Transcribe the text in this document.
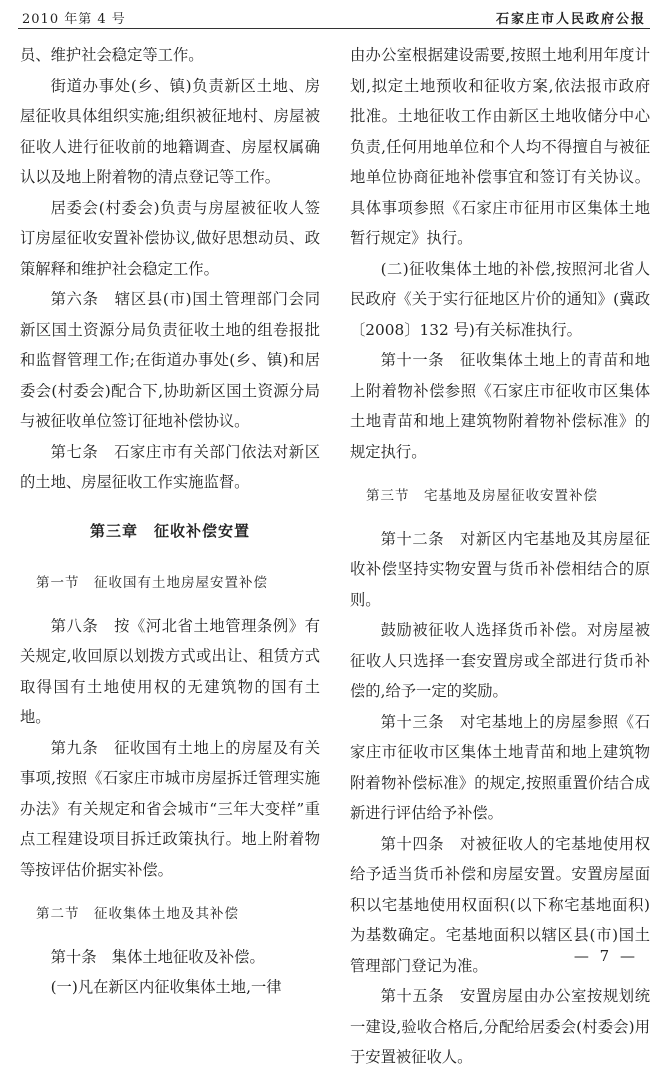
2010 年第 4 号	石家庄市人民政府公报

员、维护社会稳定等工作。

街道办事处(乡、镇)负责新区土地、房屋征收具体组织实施;组织被征地村、房屋被征收人进行征收前的地籍调查、房屋权属确认以及地上附着物的清点登记等工作。

居委会(村委会)负责与房屋被征收人签订房屋征收安置补偿协议,做好思想动员、政策解释和维护社会稳定工作。

第六条　辖区县(市)国土管理部门会同新区国土资源分局负责征收土地的组卷报批和监督管理工作;在街道办事处(乡、镇)和居委会(村委会)配合下,协助新区国土资源分局与被征收单位签订征地补偿协议。

第七条　石家庄市有关部门依法对新区的土地、房屋征收工作实施监督。

第三章　征收补偿安置

第一节　征收国有土地房屋安置补偿

第八条　按《河北省土地管理条例》有关规定,收回原以划拨方式或出让、租赁方式取得国有土地使用权的无建筑物的国有土地。

第九条　征收国有土地上的房屋及有关事项,按照《石家庄市城市房屋拆迁管理实施办法》有关规定和省会城市“三年大变样”重点工程建设项目拆迁政策执行。地上附着物等按评估价据实补偿。

第二节　征收集体土地及其补偿

第十条　集体土地征收及补偿。

(一)凡在新区内征收集体土地,一律

由办公室根据建设需要,按照土地利用年度计划,拟定土地预收和征收方案,依法报市政府批准。土地征收工作由新区土地收储分中心负责,任何用地单位和个人均不得擅自与被征地单位协商征地补偿事宜和签订有关协议。具体事项参照《石家庄市征用市区集体土地暂行规定》执行。

(二)征收集体土地的补偿,按照河北省人民政府《关于实行征地区片价的通知》(冀政〔2008〕132 号)有关标准执行。

第十一条　征收集体土地上的青苗和地上附着物补偿参照《石家庄市征收市区集体土地青苗和地上建筑物附着物补偿标准》的规定执行。

第三节　宅基地及房屋征收安置补偿

第十二条　对新区内宅基地及其房屋征收补偿坚持实物安置与货币补偿相结合的原则。

鼓励被征收人选择货币补偿。对房屋被征收人只选择一套安置房或全部进行货币补偿的,给予一定的奖励。

第十三条　对宅基地上的房屋参照《石家庄市征收市区集体土地青苗和地上建筑物附着物补偿标准》的规定,按照重置价结合成新进行评估给予补偿。

第十四条　对被征收人的宅基地使用权给予适当货币补偿和房屋安置。安置房屋面积以宅基地使用权面积(以下称宅基地面积)为基数确定。宅基地面积以辖区县(市)国土管理部门登记为准。

第十五条　安置房屋由办公室按规划统一建设,验收合格后,分配给居委会(村委会)用于安置被征收人。

— 7 —
